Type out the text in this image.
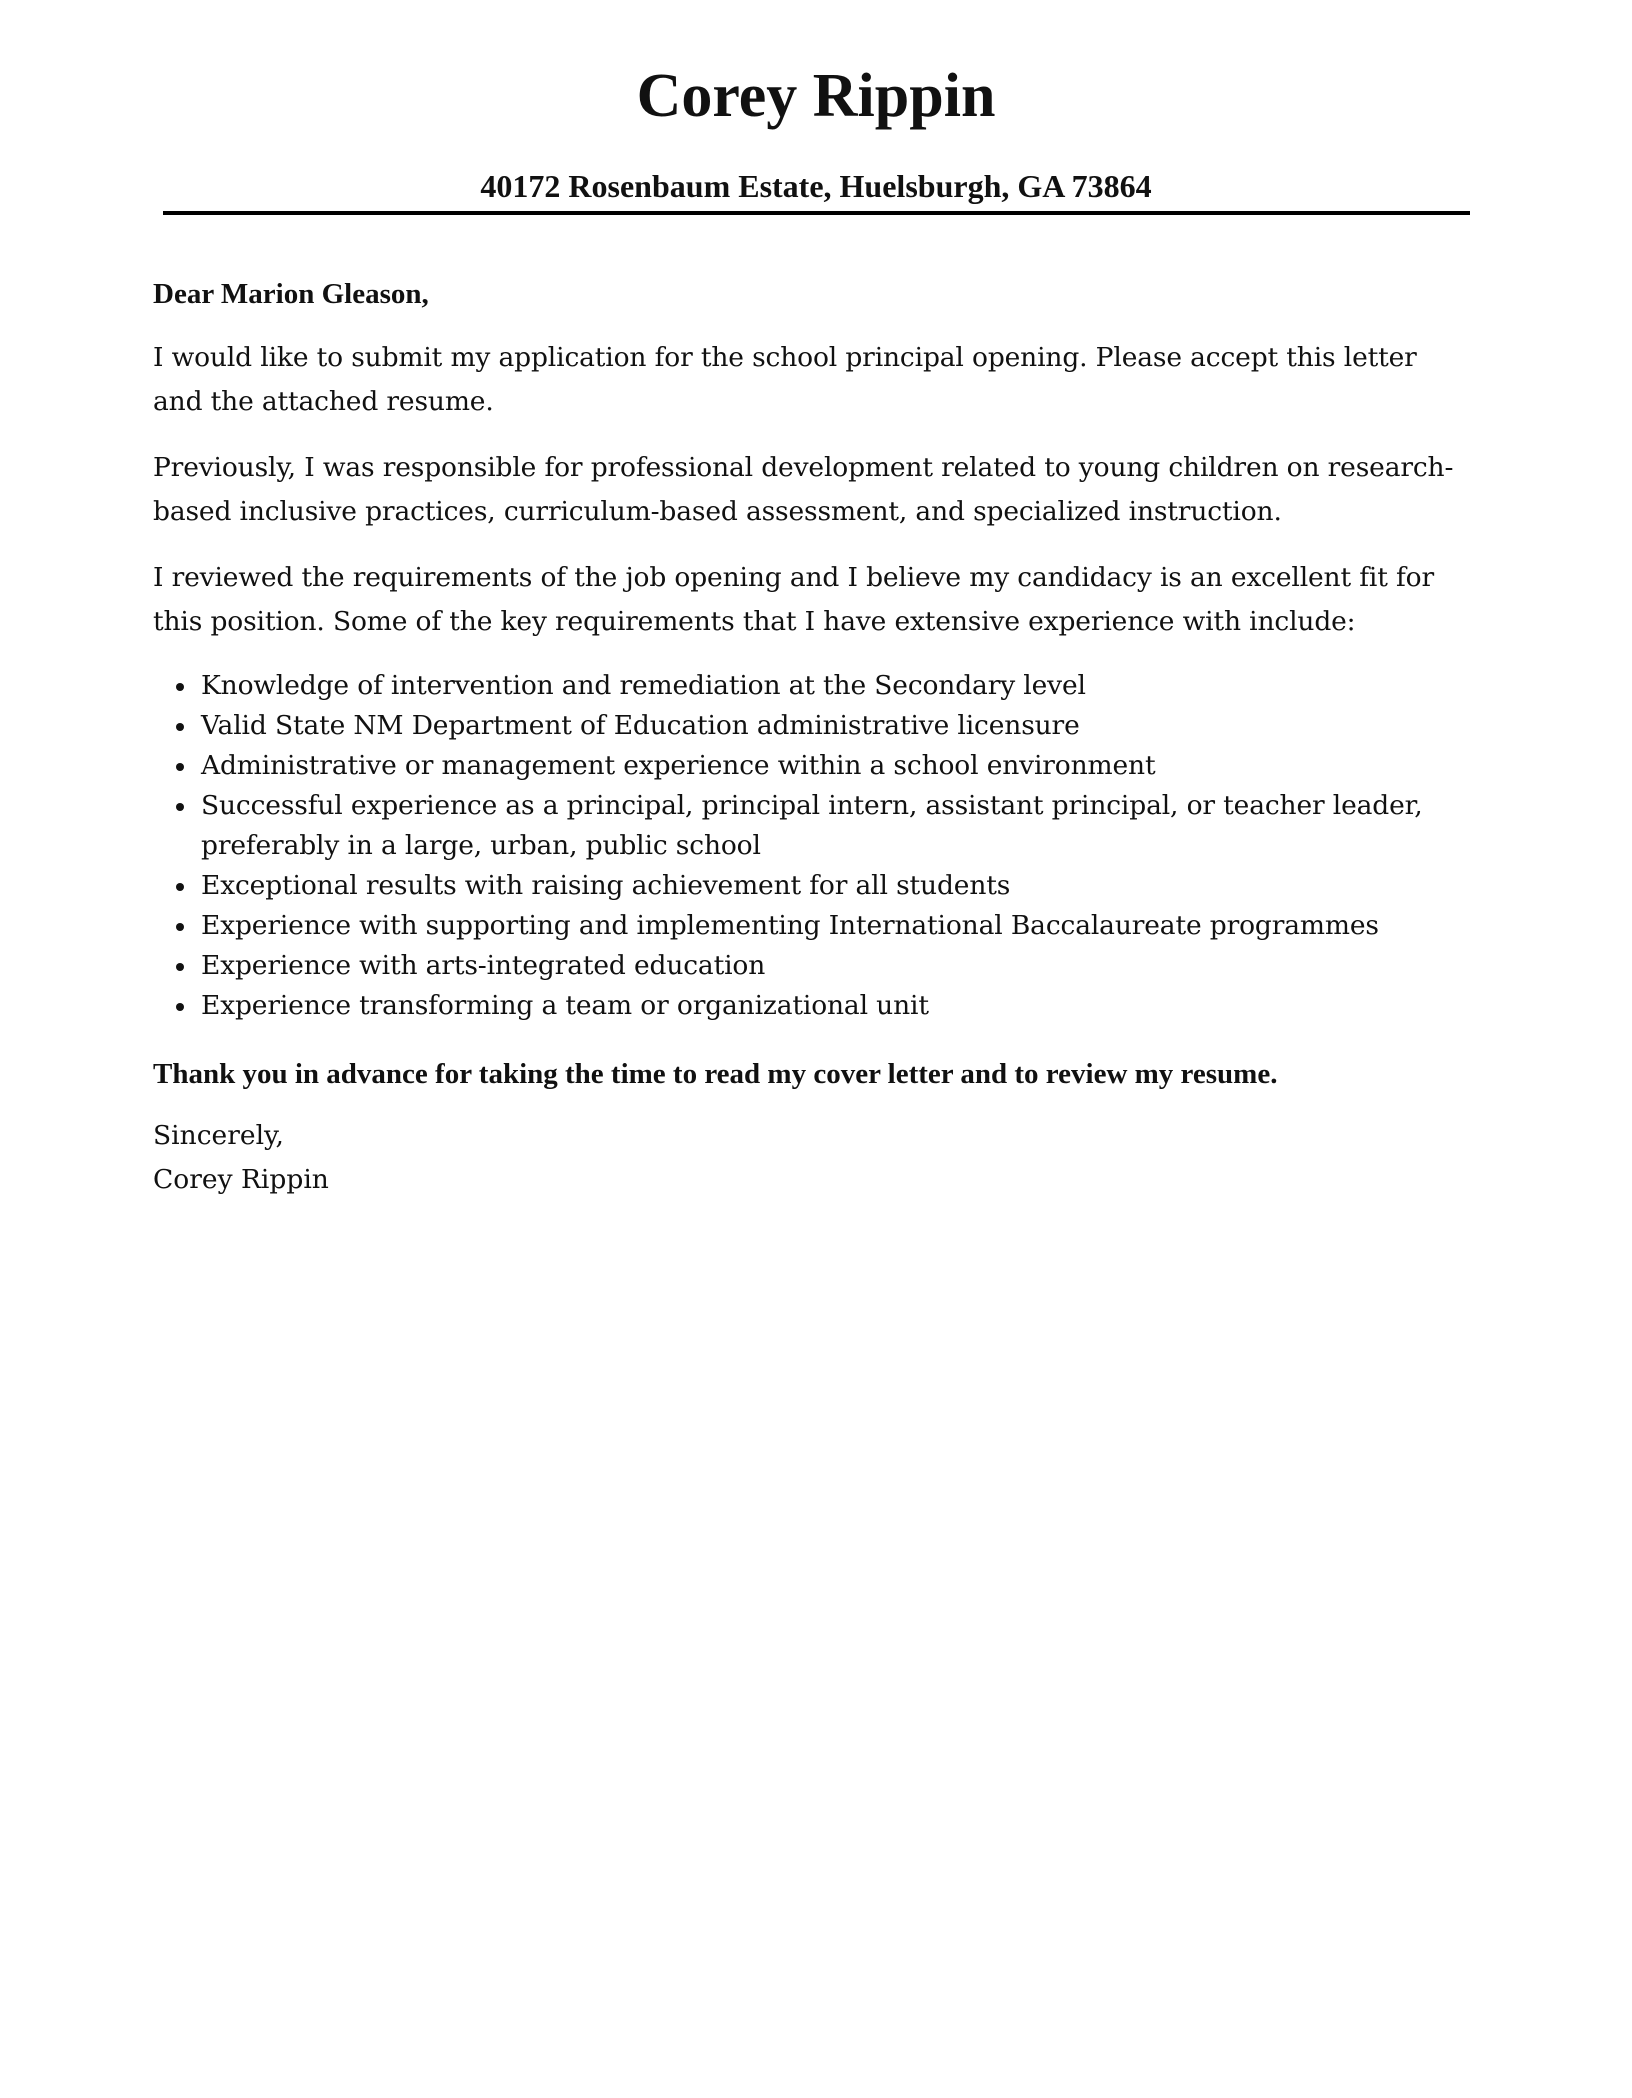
Corey Rippin
40172 Rosenbaum Estate, Huelsburgh, GA 73864

Dear Marion Gleason,

I would like to submit my application for the school principal opening. Please accept this letter and the attached resume.

Previously, I was responsible for professional development related to young children on research-based inclusive practices, curriculum-based assessment, and specialized instruction.

I reviewed the requirements of the job opening and I believe my candidacy is an excellent fit for this position. Some of the key requirements that I have extensive experience with include:

Knowledge of intervention and remediation at the Secondary level
Valid State NM Department of Education administrative licensure
Administrative or management experience within a school environment
Successful experience as a principal, principal intern, assistant principal, or teacher leader, preferably in a large, urban, public school
Exceptional results with raising achievement for all students
Experience with supporting and implementing International Baccalaureate programmes
Experience with arts-integrated education
Experience transforming a team or organizational unit

Thank you in advance for taking the time to read my cover letter and to review my resume.

Sincerely,

Corey Rippin
